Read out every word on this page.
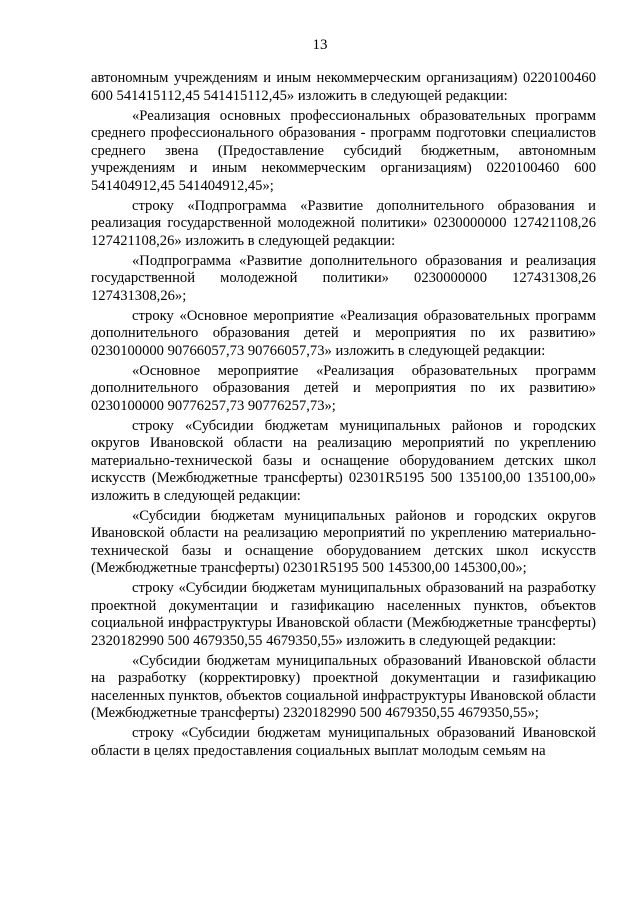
13

автономным учреждениям и иным некоммерческим организациям) 0220100460 600 541415112,45 541415112,45» изложить в следующей редакции:

«Реализация основных профессиональных образовательных программ среднего профессионального образования - программ подготовки специалистов среднего звена (Предоставление субсидий бюджетным, автономным учреждениям и иным некоммерческим организациям) 0220100460 600 541404912,45 541404912,45»;

строку «Подпрограмма «Развитие дополнительного образования и реализация государственной молодежной политики» 0230000000 127421108,26 127421108,26» изложить в следующей редакции:

«Подпрограмма «Развитие дополнительного образования и реализация государственной молодежной политики» 0230000000 127431308,26 127431308,26»;

строку «Основное мероприятие «Реализация образовательных программ дополнительного образования детей и мероприятия по их развитию» 0230100000 90766057,73 90766057,73» изложить в следующей редакции:

«Основное мероприятие «Реализация образовательных программ дополнительного образования детей и мероприятия по их развитию» 0230100000 90776257,73 90776257,73»;

строку «Субсидии бюджетам муниципальных районов и городских округов Ивановской области на реализацию мероприятий по укреплению материально-технической базы и оснащение оборудованием детских школ искусств (Межбюджетные трансферты) 02301R5195 500 135100,00 135100,00» изложить в следующей редакции:

«Субсидии бюджетам муниципальных районов и городских округов Ивановской области на реализацию мероприятий по укреплению материально-технической базы и оснащение оборудованием детских школ искусств (Межбюджетные трансферты) 02301R5195 500 145300,00 145300,00»;

строку «Субсидии бюджетам муниципальных образований на разработку проектной документации и газификацию населенных пунктов, объектов социальной инфраструктуры Ивановской области (Межбюджетные трансферты) 2320182990 500 4679350,55 4679350,55» изложить в следующей редакции:

«Субсидии бюджетам муниципальных образований Ивановской области на разработку (корректировку) проектной документации и газификацию населенных пунктов, объектов социальной инфраструктуры Ивановской области (Межбюджетные трансферты) 2320182990 500 4679350,55 4679350,55»;

строку «Субсидии бюджетам муниципальных образований Ивановской области в целях предоставления социальных выплат молодым семьям на
